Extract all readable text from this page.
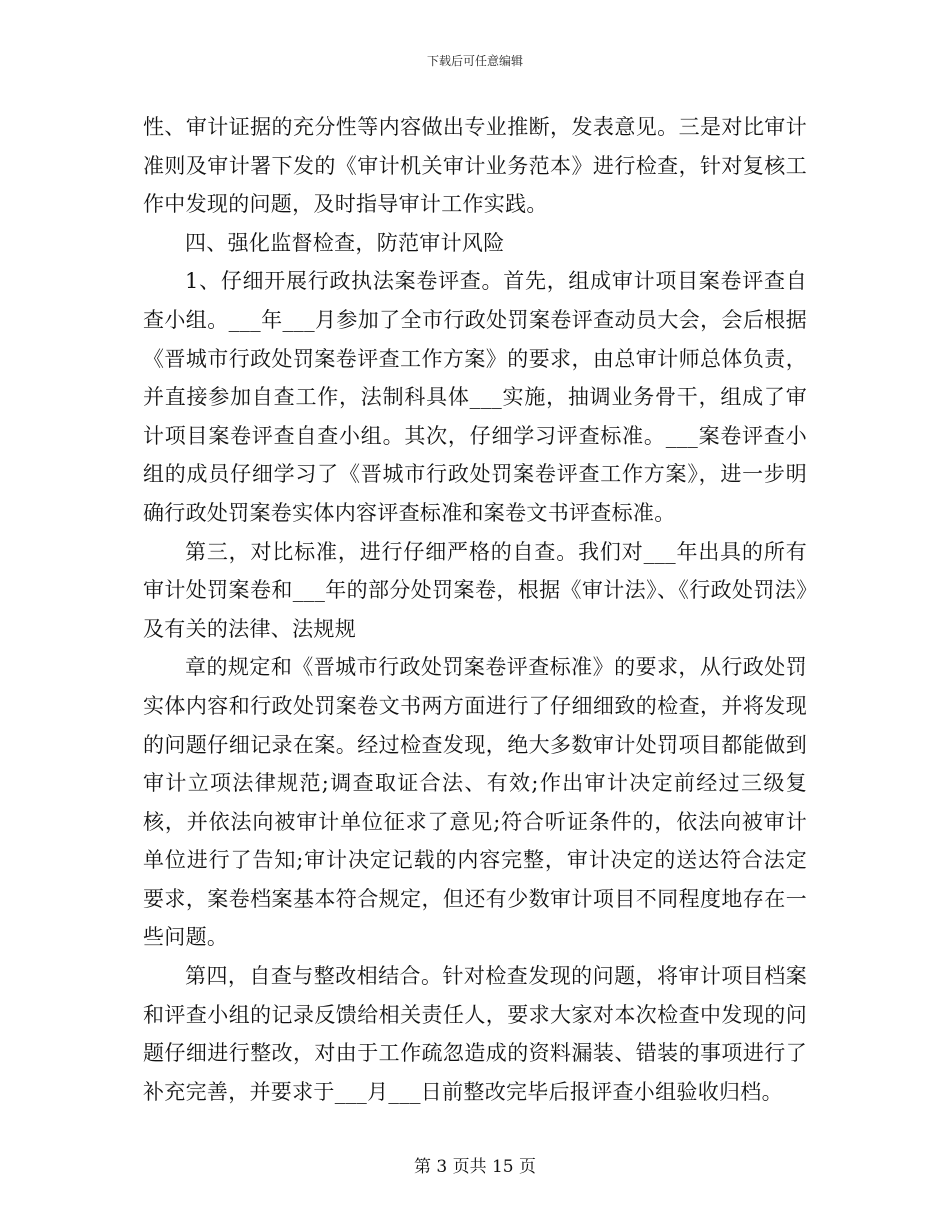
下载后可任意编辑

性、审计证据的充分性等内容做出专业推断，发表意见。三是对比审计准则及审计署下发的《审计机关审计业务范本》进行检查，针对复核工作中发现的问题，及时指导审计工作实践。

四、强化监督检查，防范审计风险

1、仔细开展行政执法案卷评查。首先，组成审计项目案卷评查自查小组。___年___月参加了全市行政处罚案卷评查动员大会，会后根据《晋城市行政处罚案卷评查工作方案》的要求，由总审计师总体负责，并直接参加自查工作，法制科具体___实施，抽调业务骨干，组成了审计项目案卷评查自查小组。其次，仔细学习评查标准。___案卷评查小组的成员仔细学习了《晋城市行政处罚案卷评查工作方案》，进一步明确行政处罚案卷实体内容评查标准和案卷文书评查标准。

第三，对比标准，进行仔细严格的自查。我们对___年出具的所有审计处罚案卷和___年的部分处罚案卷，根据《审计法》、《行政处罚法》及有关的法律、法规规

章的规定和《晋城市行政处罚案卷评查标准》的要求，从行政处罚实体内容和行政处罚案卷文书两方面进行了仔细细致的检查，并将发现的问题仔细记录在案。经过检查发现，绝大多数审计处罚项目都能做到审计立项法律规范;调查取证合法、有效;作出审计决定前经过三级复核，并依法向被审计单位征求了意见;符合听证条件的，依法向被审计单位进行了告知;审计决定记载的内容完整，审计决定的送达符合法定要求，案卷档案基本符合规定，但还有少数审计项目不同程度地存在一些问题。

第四，自查与整改相结合。针对检查发现的问题，将审计项目档案和评查小组的记录反馈给相关责任人，要求大家对本次检查中发现的问题仔细进行整改，对由于工作疏忽造成的资料漏装、错装的事项进行了补充完善，并要求于___月___日前整改完毕后报评查小组验收归档。

第 3 页共 15 页
